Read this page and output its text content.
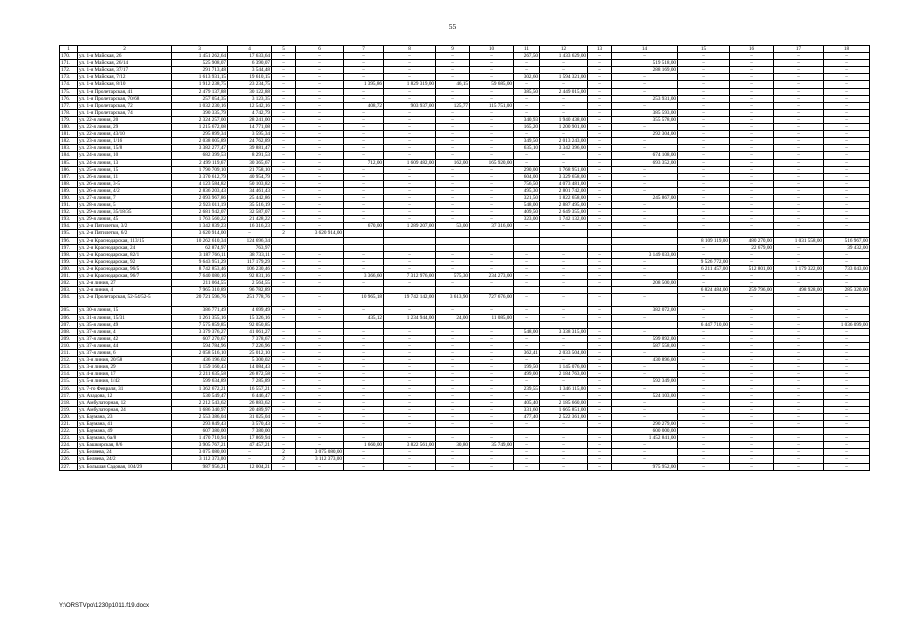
55
1	2	3	4	5	6	7	8	9	10	11	12	13	14	15	16	17	18
170.	ул. 1-я Майская, 26	1 451 262,64	17 633,64	–	–	–	–	–	–	267,50	1 433 629,00	–	–	–	–	–	–
171.	ул. 1-я Майская, 26/14	525 908,07	6 390,07	–	–	–	–	–	–	–	–	–	519 518,00	–	–	–	–
172.	ул. 1-я Майская, 37/17	291 713,48	3 544,48	–	–	–	–	–	–	–	–	–	288 169,00	–	–	–	–
173.	ул. 1-я Майская, 7/12	1 613 931,15	19 610,15	–	–	–	–	–	–	302,60	1 594 321,00	–	–	–	–	–	–
174.	ул. 1-я Майская, 8/10	1 912 238,75	23 234,75	–	–	1 395,86	1 829 319,00	46,15	59 685,00	–	–	–	–	–	–	–	–
175.	ул. 1-я Пролетарская, 41	2 479 137,88	30 122,88	–	–	–	–	–	–	385,50	2 449 015,00	–	–	–	–	–	–
176.	ул. 1-я Пролетарская, 70/68	257 054,35	3 123,35	–	–	–	–	–	–	–	–	–	253 931,00	–	–	–	–
177.	ул. 1-я Пролетарская, 72	1 032 230,16	12 542,16	–	–	408,72	903 937,00	125,77	115 751,00	–	–	–	–	–	–	–	–
178.	ул. 1-я Пролетарская, 74	390 335,79	4 742,79	–	–	–	–	–	–	–	–	–	385 593,00	–	–	–	–
179.	ул. 22-я линия, 20	2 324 257,00	28 241,00	–	–	–	–	–	–	340,93	1 940 438,00	–	355 578,00	–	–	–	–
180.	ул. 22-я линия, 29	1 215 672,08	14 771,08	–	–	–	–	–	–	165,20	1 200 901,00	–	–	–	–	–	–
181.	ул. 22-я линия, 43/10	295 899,34	3 595,34	–	–	–	–	–	–	–	–	–	292 304,00	–	–	–	–
182.	ул. 23-я линия, 1/16	2 038 005,89	24 762,89	–	–	–	–	–	–	349,50	2 013 243,00	–	–	–	–	–	–
183.	ул. 23-я линия, 15/8	3 382 277,47	39 881,47	–	–	–	–	–	–	635,10	3 342 396,00	–	–	–	–	–	–
184.	ул. 24-я линия, 10	682 399,53	8 291,53	–	–	–	–	–	–	–	–	–	674 108,00	–	–	–	–
185.	ул. 24-я линия, 13	2 499 119,67	30 365,67	–	–	712,00	1 609 482,00	162,00	165 920,00	–	–	–	693 352,00	–	–	–	–
186.	ул. 25-я линия, 15	1 790 709,10	21 758,10	–	–	–	–	–	–	290,00	1 768 951,00	–	–	–	–	–	–
187.	ул. 26-я линия, 11	3 370 612,79	40 954,79	–	–	–	–	–	–	604,00	3 329 658,00	–	–	–	–	–	–
188.	ул. 26-я линия, 3-5	4 123 584,82	50 103,82	–	–	–	–	–	–	756,50	4 073 481,00	–	–	–	–	–	–
189.	ул. 26-я линия, 4/2	2 836 203,43	34 461,43	–	–	–	–	–	–	495,30	2 801 742,00	–	–	–	–	–	–
190.	ул. 27-я линия, 7	2 093 967,86	25 442,86	–	–	–	–	–	–	321,50	1 822 658,00	–	245 867,00	–	–	–	–
191.	ул. 28-я линия, 5	2 923 011,19	35 516,19	–	–	–	–	–	–	548,00	2 887 495,00	–	–	–	–	–	–
192.	ул. 29-я линия, 35/18/35	2 681 942,07	32 587,07	–	–	–	–	–	–	409,50	2 649 355,00	–	–	–	–	–	–
193.	ул. 29-я линия, 45	1 763 560,22	21 428,22	–	–	–	–	–	–	323,00	1 742 132,00	–	–	–	–	–	–
194.	ул. 2-я Пятилетки, 3/2	1 342 839,23	16 316,23	–	–	670,00	1 289 207,00	53,00	37 316,00	–	–	–	–	–	–	–	–
195.	ул. 2-я Пятилетки, 6/2	3 620 914,00	–	2	3 620 914,00												
196.	ул. 2-я Краснодарская, 113/15	10 262 610,34	124 696,34											8 109 119,00	480 270,00	1 031 558,00	516 967,00
197.	ул. 2-я Краснодарская, 24	62 874,97	763,97											–	22 679,00	–	39 432,00
198.	ул. 2-я Краснодарская, 82/1	3 187 766,11	38 733,11	–	–	–	–	–	–	–	–	–	3 149 033,00	–	–	–	–
199.	ул. 2-я Краснодарская, 92	9 643 951,29	117 179,29	–	–	–	–	–	–	–	–	–	–	9 526 772,00	–	–	–
200.	ул. 2-я Краснодарская, 96/5	8 742 853,46	106 230,46	–	–	–	–	–	–	–	–	–	–	6 211 457,00	512 801,00	1 179 322,00	733 043,00
201.	ул. 2-я Краснодарская, 96/7	7 640 080,16	92 831,16	–	–	3 366,60	7 312 976,00	575,30	234 273,00	–	–	–	–	–	–	–	–
202.	ул. 2-я линия, 27	211 064,55	2 564,55	–	–	–	–	–	–	–	–	–	208 500,00	–	–	–	–
203.	ул. 2-я линия, 4	7 965 310,89	96 782,89											6 824 484,00	259 796,00	498 928,00	285 320,00
204.	ул. 2-я Пролетарская, 52-54/52-5	20 721 596,76	251 778,76	–	–	10 965,18	19 742 142,00	3 613,90	727 676,00	–	–	–	–	–	–	–	–
205.	ул. 30-я линия, 15	386 771,49	4 699,49	–	–	–	–	–	–	–	–	–	382 072,00	–	–	–	–
206.	ул. 31-я линия, 15/31	1 261 355,16	15 326,16	–	–	435,12	1 234 944,00	24,00	11 085,00	–	–	–	–	–	–	–	–
207.	ул. 35-я линия, 49	7 575 859,85	92 050,85											6 447 710,00	–	–	1 036 099,00
208.	ул. 37-я линия, 4	3 379 376,27	41 061,27	–	–	–	–	–	–	548,00	3 338 315,00	–	–	–	–	–	–
209.	ул. 37-я линия, 42	607 270,67	7 378,67	–	–	–	–	–	–	–	–	–	599 892,00	–	–	–	–
210.	ул. 37-я линия, 44	594 784,96	7 226,96	–	–	–	–	–	–	–	–	–	587 558,00	–	–	–	–
211.	ул. 37-я линия, 6	2 058 516,10	25 012,10	–	–	–	–	–	–	362,41	2 033 504,00	–	–	–	–	–	–
212.	ул. 3-я линия, 20/58	436 196,02	5 300,02	–	–	–	–	–	–	–	–	–	430 896,00	–	–	–	–
213.	ул. 3-я линия, 29	1 159 160,43	14 084,43	–	–	–	–	–	–	199,50	1 145 076,00	–	–	–	–	–	–
214.	ул. 4-я линия, 17	2 211 635,58	26 872,58	–	–	–	–	–	–	499,00	2 184 763,00	–	–	–	–	–	–
215.	ул. 5-я линия, 1/42	599 634,89	7 285,89	–	–	–	–	–	–	–	–	–	592 349,00	–	–	–	–
216.	ул. 7-го Февраля, 31	1 362 672,21	16 557,21	–	–	–	–	–	–	239,55	1 346 115,00	–	–	–	–	–	–
217.	ул. Азадова, 12	530 549,47	6 446,47	–	–	–	–	–	–	–	–	–	524 103,00	–	–	–	–
218.	ул. Амбулаторная, 12	2 212 543,62	26 883,62	–	–	–	–	–	–	405,40	2 185 660,00	–	–	–	–	–	–
219.	ул. Амбулаторная, 24	1 686 340,97	20 489,97	–	–	–	–	–	–	331,60	1 665 851,00	–	–	–	–	–	–
220.	ул. Баумана, 23	2 553 386,04	31 025,04	–	–	–	–	–	–	477,40	2 522 361,00	–	–	–	–	–	–
221.	ул. Баумана, 41	293 849,43	3 570,43	–	–	–	–	–	–	–	–	–	290 279,00	–	–	–	–
222.	ул. Баумана, 49	607 380,00	7 380,00										600 000,00				
223.	ул. Баумана, 6а/8	1 470 710,94	17 869,94	–	–	–	–	–	–	–	–	–	1 452 841,00	–	–	–	–
224.	ул. Башкирская, 8/6	3 905 767,21	47 457,21	–	–	1 660,00	3 822 561,00	30,80	35 749,00	–	–	–	–	–	–	–	–
225.	ул. Беляева, 24	3 075 080,00	–	2	3 075 080,00	–	–	–	–	–	–	–	–	–	–	–	–
226.	ул. Беляева, 24/2	3 112 373,00	–	2	3 112 373,00	–	–	–	–	–	–	–	–	–	–	–	–
227.	ул. Большая Садовая, 104/29	987 956,21	12 004,21	–	–	–	–	–	–	–	–	–	975 952,00	–	–	–	–
Y:\ORSTVpo\1230p1011.f19.docx
